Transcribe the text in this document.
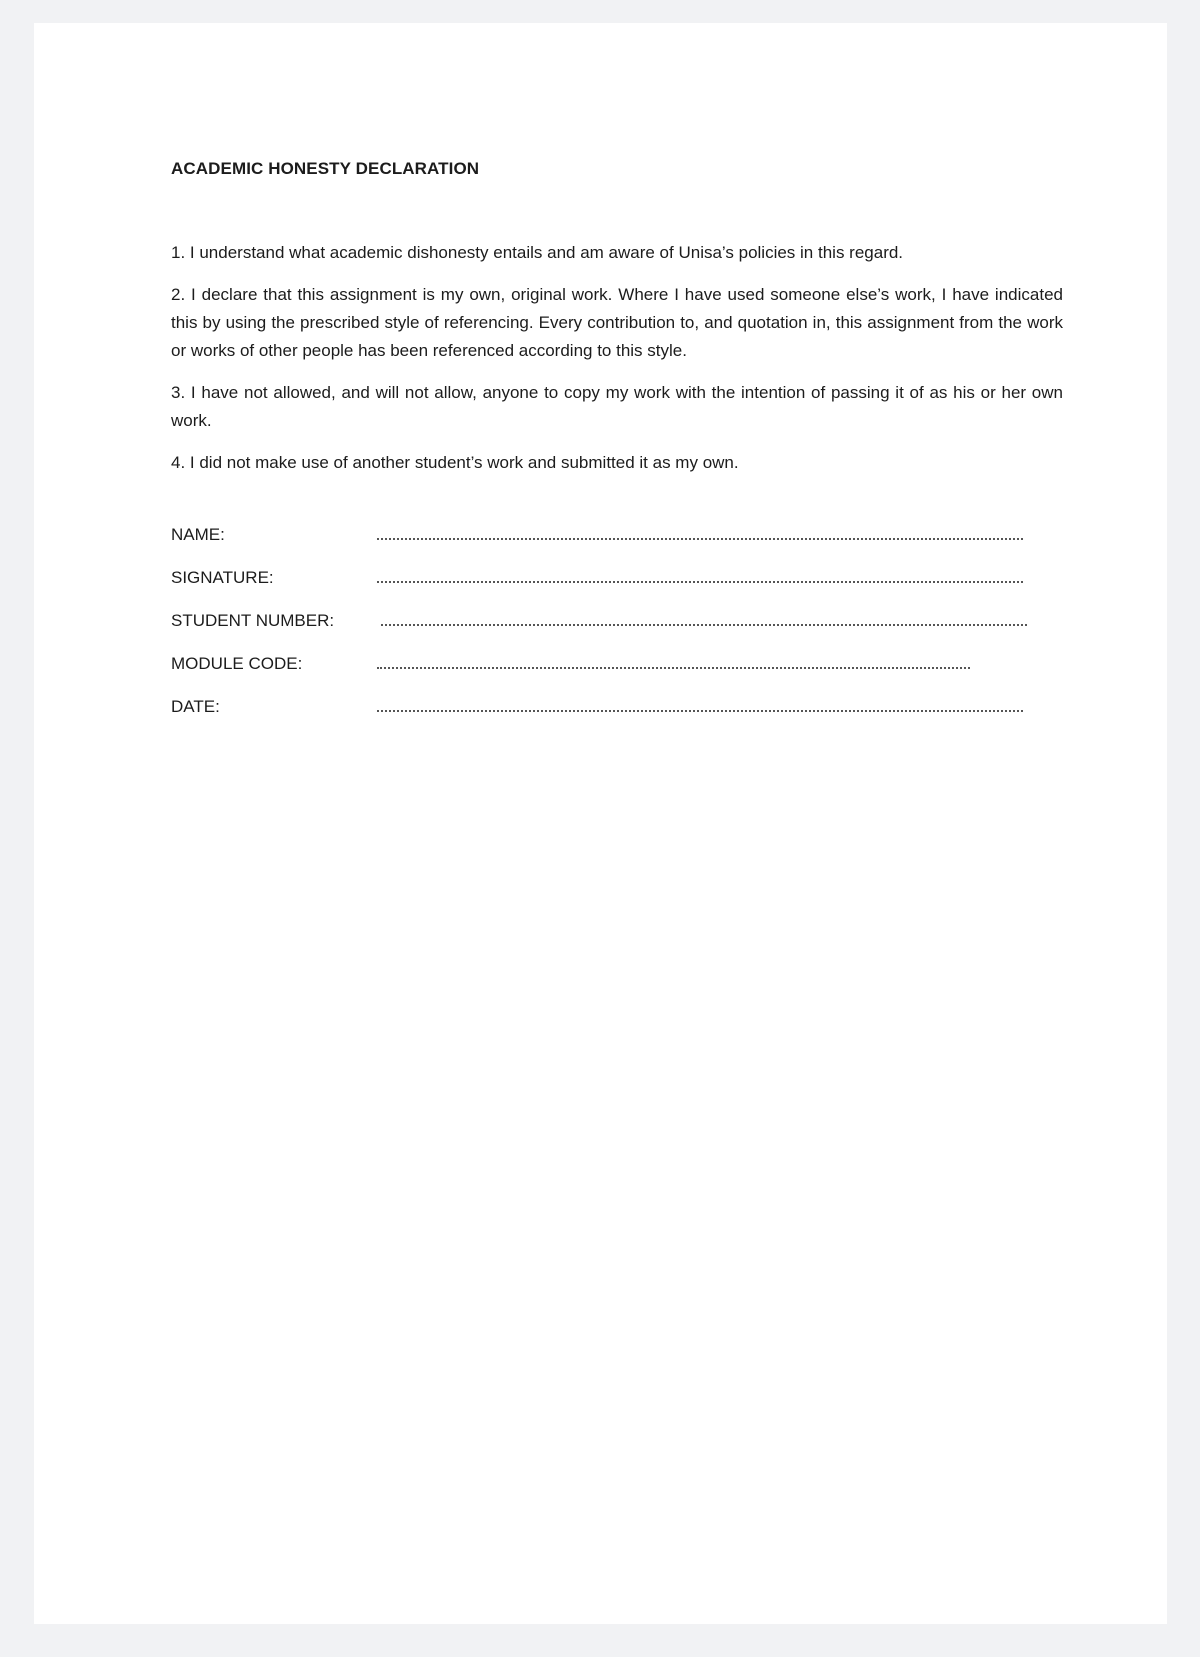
ACADEMIC HONESTY DECLARATION

1. I understand what academic dishonesty entails and am aware of Unisa’s policies in this regard.

2. I declare that this assignment is my own, original work. Where I have used someone else’s work, I have indicated this by using the prescribed style of referencing. Every contribution to, and quotation in, this assignment from the work or works of other people has been referenced according to this style.

3. I have not allowed, and will not allow, anyone to copy my work with the intention of passing it of as his or her own work.

4. I did not make use of another student’s work and submitted it as my own.

NAME:
SIGNATURE:
STUDENT NUMBER:
MODULE CODE:
DATE:
